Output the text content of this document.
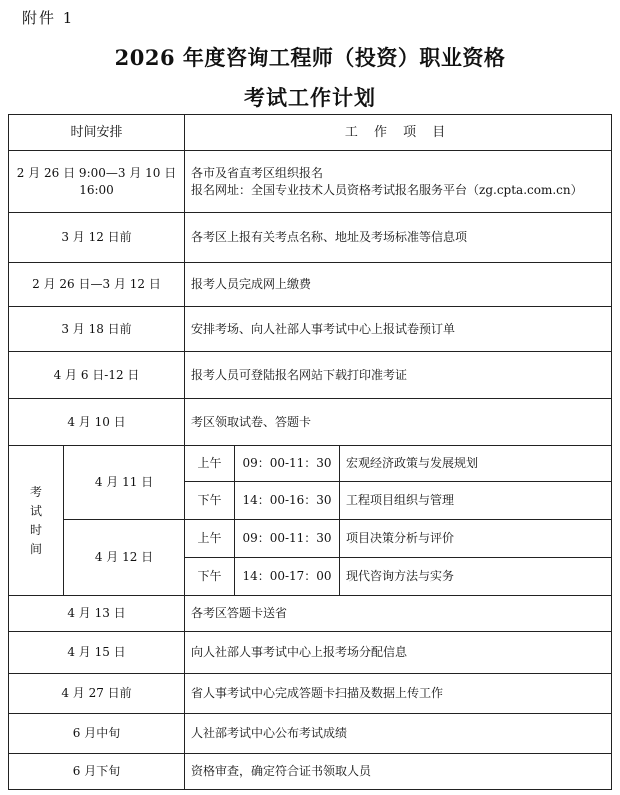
附件 1
2026 年度咨询工程师（投资）职业资格
考试工作计划
时间安排		工 作 项 目		
2 月 26 日 9:00—3 月 10 日 16:00		各市及省直考区组织报名
报名网址：全国专业技术人员资格考试报名服务平台（zg.cpta.com.cn）		

3 月 12 日前		各考区上报有关考点名称、地址及考场标准等信息项		
2 月 26 日—3 月 12 日		报考人员完成网上缴费		
3 月 18 日前		安排考场、向人社部人事考试中心上报试卷预订单		
4 月 6 日-12 日		报考人员可登陆报名网站下载打印准考证		
4 月 10 日		考区领取试卷、答题卡		

考
试
时
间	4 月 11 日	上午	09：00-11：30	宏观经济政策与发展规划
		下午	14：00-16：30	工程项目组织与管理
	4 月 12 日	上午	09：00-11：30	项目决策分析与评价
		下午	14：00-17：00	现代咨询方法与实务
4 月 13 日		各考区答题卡送省		
4 月 15 日		向人社部人事考试中心上报考场分配信息		
4 月 27 日前		省人事考试中心完成答题卡扫描及数据上传工作		
6 月中旬		人社部考试中心公布考试成绩		
6 月下旬		资格审查，确定符合证书领取人员		
